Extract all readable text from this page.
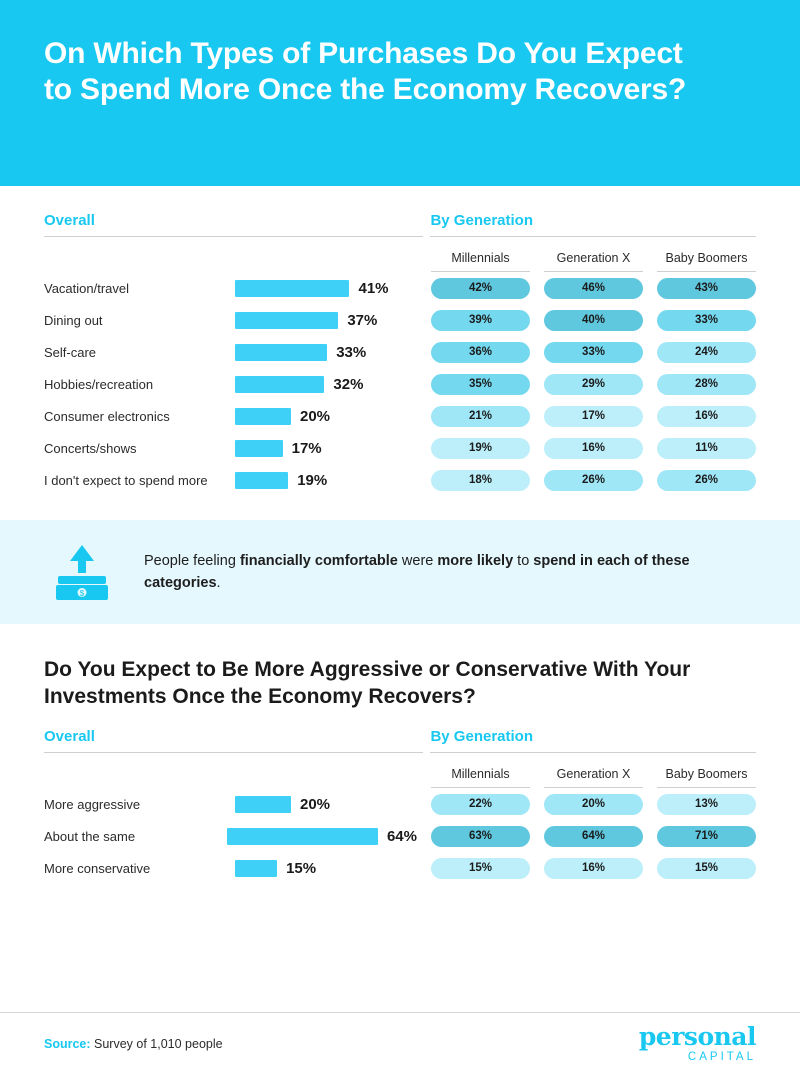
On Which Types of Purchases Do You Expect to Spend More Once the Economy Recovers?
Overall	By Generation
Millennials	Generation X	Baby Boomers
Vacation/travel	41%	42%	46%	43%
Dining out	37%	39%	40%	33%
Self-care	33%	36%	33%	24%
Hobbies/recreation	32%	35%	29%	28%
Consumer electronics	20%	21%	17%	16%
Concerts/shows	17%	19%	16%	11%
I don't expect to spend more	19%	18%	26%	26%
$
People feeling financially comfortable were more likely to spend in each of these categories.
Do You Expect to Be More Aggressive or Conservative With Your Investments Once the Economy Recovers?
Overall	By Generation
Millennials	Generation X	Baby Boomers
More aggressive	20%	22%	20%	13%
About the same	64%	63%	64%	71%
More conservative	15%	15%	16%	15%
Source: Survey of 1,010 people	personal
CAPITAL
